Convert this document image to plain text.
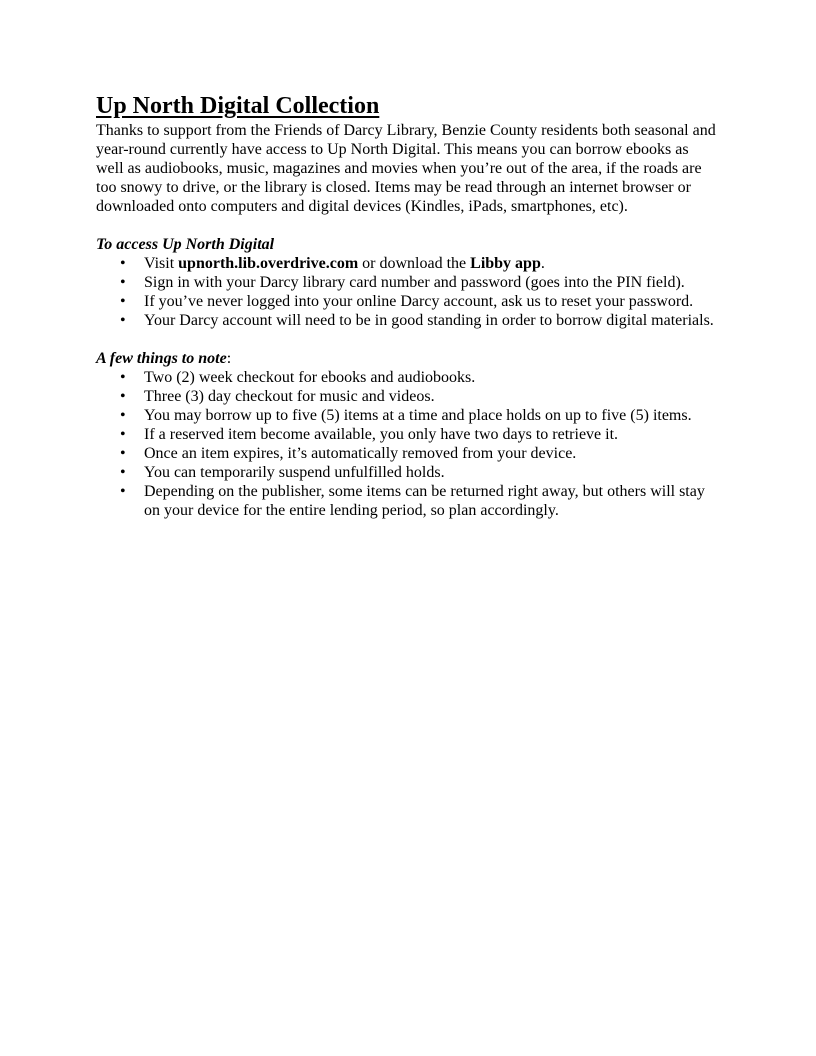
Up North Digital Collection

Thanks to support from the Friends of Darcy Library, Benzie County residents both seasonal and year-round currently have access to Up North Digital. This means you can borrow ebooks as well as audiobooks, music, magazines and movies when you’re out of the area, if the roads are too snowy to drive, or the library is closed. Items may be read through an internet browser or downloaded onto computers and digital devices (Kindles, iPads, smartphones, etc).

To access Up North Digital
• Visit upnorth.lib.overdrive.com or download the Libby app.
• Sign in with your Darcy library card number and password (goes into the PIN field).
• If you’ve never logged into your online Darcy account, ask us to reset your password.
• Your Darcy account will need to be in good standing in order to borrow digital materials.
A few things to note:
• Two (2) week checkout for ebooks and audiobooks.
• Three (3) day checkout for music and videos.
• You may borrow up to five (5) items at a time and place holds on up to five (5) items.
• If a reserved item become available, you only have two days to retrieve it.
• Once an item expires, it’s automatically removed from your device.
• You can temporarily suspend unfulfilled holds.
• Depending on the publisher, some items can be returned right away, but others will stay on your device for the entire lending period, so plan accordingly.
